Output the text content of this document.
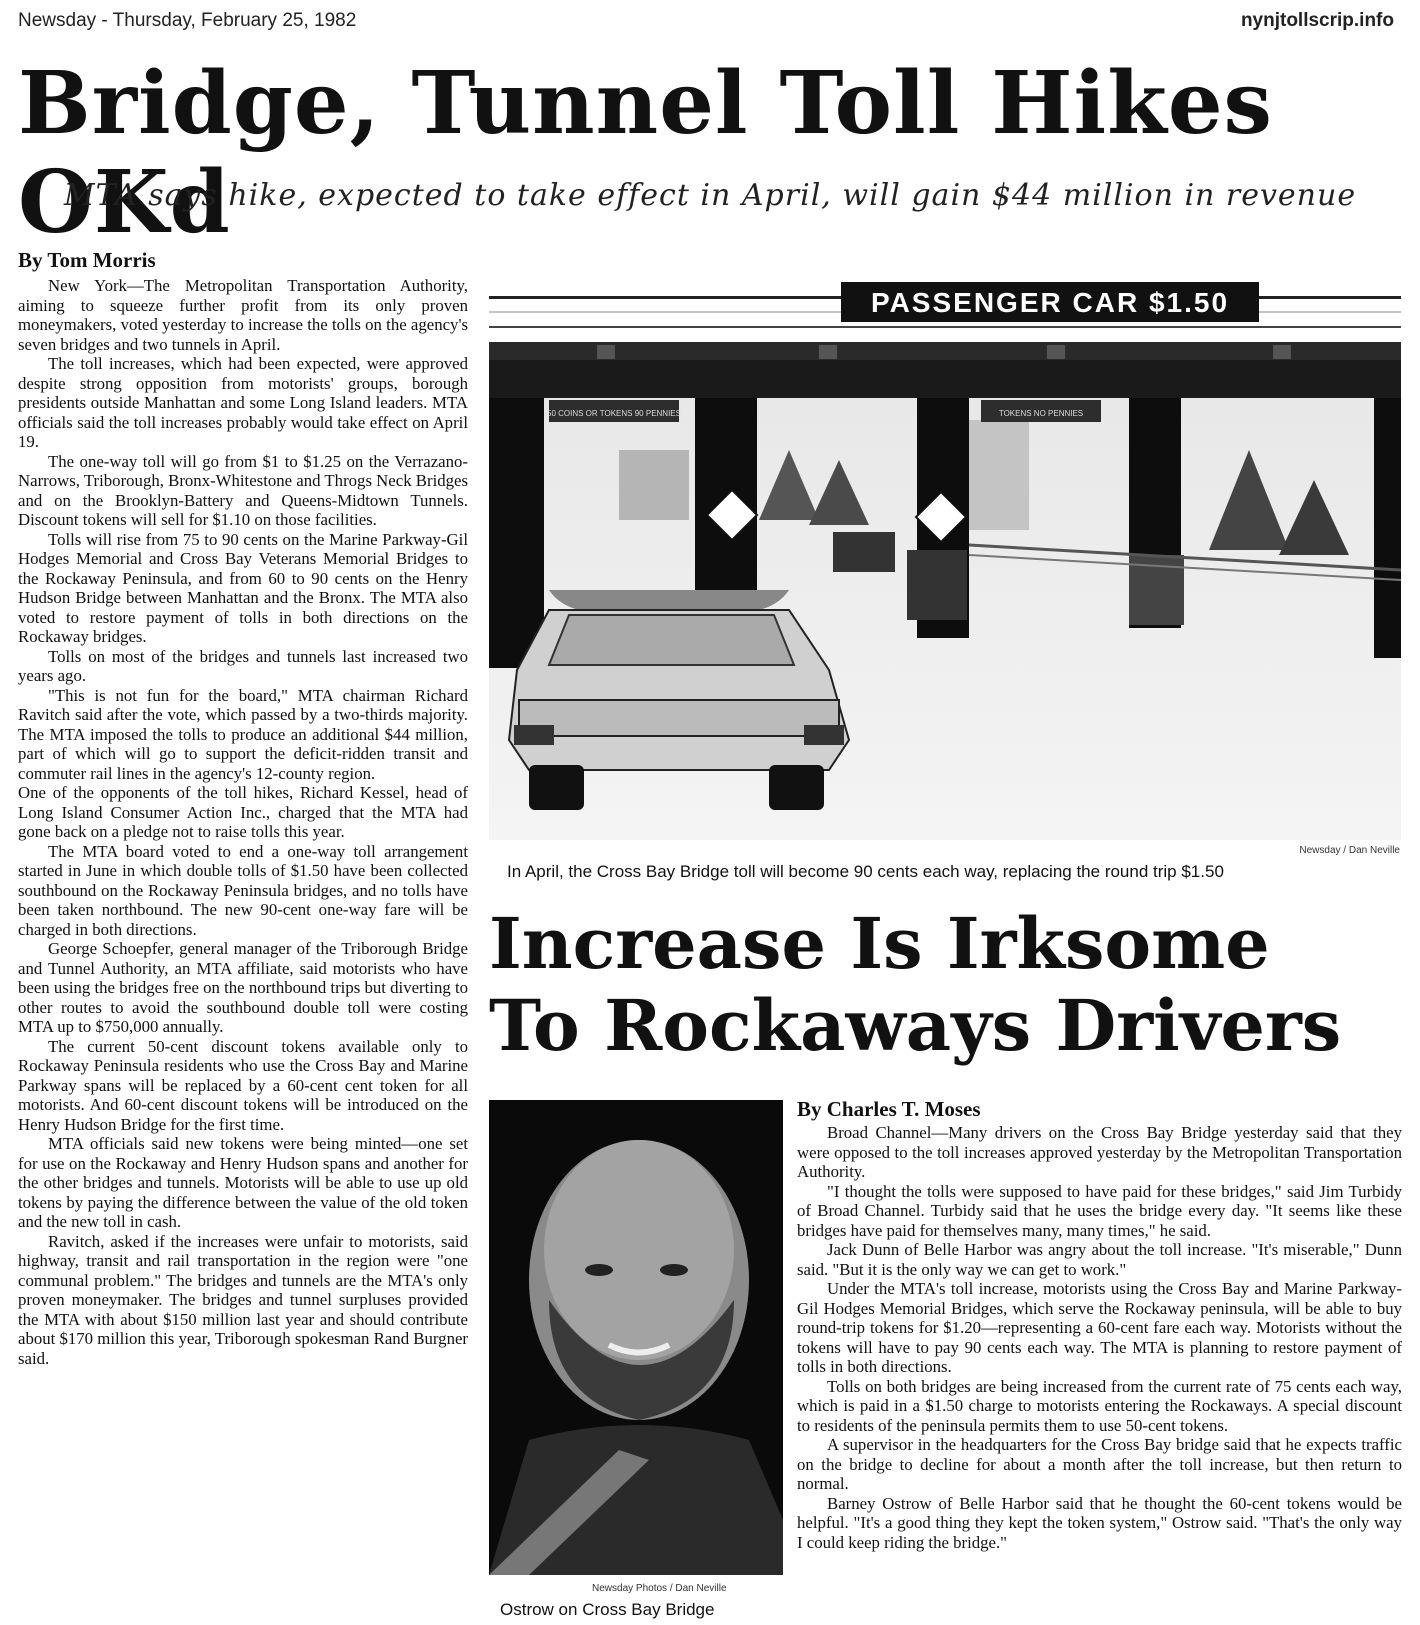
Newsday - Thursday, February 25, 1982	nynjtollscrip.info
Bridge, Tunnel Toll Hikes OKd
MTA says hike, expected to take effect in April, will gain $44 million in revenue
By Tom Morris

New York—The Metropolitan Transportation Authority, aiming to squeeze further profit from its only proven moneymakers, voted yesterday to increase the tolls on the agency's seven bridges and two tunnels in April.

The toll increases, which had been expected, were approved despite strong opposition from motorists' groups, borough presidents outside Manhattan and some Long Island leaders. MTA officials said the toll increases probably would take effect on April 19.

The one-way toll will go from $1 to $1.25 on the Verrazano-Narrows, Triborough, Bronx-Whitestone and Throgs Neck Bridges and on the Brooklyn-Battery and Queens-Midtown Tunnels. Discount tokens will sell for $1.10 on those facilities.

Tolls will rise from 75 to 90 cents on the Marine Parkway-Gil Hodges Memorial and Cross Bay Veterans Memorial Bridges to the Rockaway Peninsula, and from 60 to 90 cents on the Henry Hudson Bridge between Manhattan and the Bronx. The MTA also voted to restore payment of tolls in both directions on the Rockaway bridges.

Tolls on most of the bridges and tunnels last increased two years ago.

"This is not fun for the board," MTA chairman Richard Ravitch said after the vote, which passed by a two-thirds majority. The MTA imposed the tolls to produce an additional $44 million, part of which will go to support the deficit-ridden transit and commuter rail lines in the agency's 12-county region.

One of the opponents of the toll hikes, Richard Kessel, head of Long Island Consumer Action Inc., charged that the MTA had gone back on a pledge not to raise tolls this year.

The MTA board voted to end a one-way toll arrangement started in June in which double tolls of $1.50 have been collected southbound on the Rockaway Peninsula bridges, and no tolls have been taken northbound. The new 90-cent one-way fare will be charged in both directions.

George Schoepfer, general manager of the Triborough Bridge and Tunnel Authority, an MTA affiliate, said motorists who have been using the bridges free on the northbound trips but diverting to other routes to avoid the southbound double toll were costing MTA up to $750,000 annually.

The current 50-cent discount tokens available only to Rockaway Peninsula residents who use the Cross Bay and Marine Parkway spans will be replaced by a 60-cent cent token for all motorists. And 60-cent discount tokens will be introduced on the Henry Hudson Bridge for the first time.

MTA officials said new tokens were being minted—one set for use on the Rockaway and Henry Hudson spans and another for the other bridges and tunnels. Motorists will be able to use up old tokens by paying the difference between the value of the old token and the new toll in cash.

Ravitch, asked if the increases were unfair to motorists, said highway, transit and rail transportation in the region were "one communal problem." The bridges and tunnels are the MTA's only proven moneymaker. The bridges and tunnel surpluses provided the MTA with about $150 million last year and should contribute about $170 million this year, Triborough spokesman Rand Burgner said.

PASSENGER CAR $1.50
50 COINS OR TOKENS 90 PENNIES	TOKENS NO PENNIES
Newsday / Dan Neville
In April, the Cross Bay Bridge toll will become 90 cents each way, replacing the round trip $1.50
Increase Is Irksome
To Rockaways Drivers
Newsday Photos / Dan Neville
Ostrow on Cross Bay Bridge
By Charles T. Moses

Broad Channel—Many drivers on the Cross Bay Bridge yesterday said that they were opposed to the toll increases approved yesterday by the Metropolitan Transportation Authority.

"I thought the tolls were supposed to have paid for these bridges," said Jim Turbidy of Broad Channel. Turbidy said that he uses the bridge every day. "It seems like these bridges have paid for themselves many, many times," he said.

Jack Dunn of Belle Harbor was angry about the toll increase. "It's miserable," Dunn said. "But it is the only way we can get to work."

Under the MTA's toll increase, motorists using the Cross Bay and Marine Parkway-Gil Hodges Memorial Bridges, which serve the Rockaway peninsula, will be able to buy round-trip tokens for $1.20—representing a 60-cent fare each way. Motorists without the tokens will have to pay 90 cents each way. The MTA is planning to restore payment of tolls in both directions.

Tolls on both bridges are being increased from the current rate of 75 cents each way, which is paid in a $1.50 charge to motorists entering the Rockaways. A special discount to residents of the peninsula permits them to use 50-cent tokens.

A supervisor in the headquarters for the Cross Bay bridge said that he expects traffic on the bridge to decline for about a month after the toll increase, but then return to normal.

Barney Ostrow of Belle Harbor said that he thought the 60-cent tokens would be helpful. "It's a good thing they kept the token system," Ostrow said. "That's the only way I could keep riding the bridge."
